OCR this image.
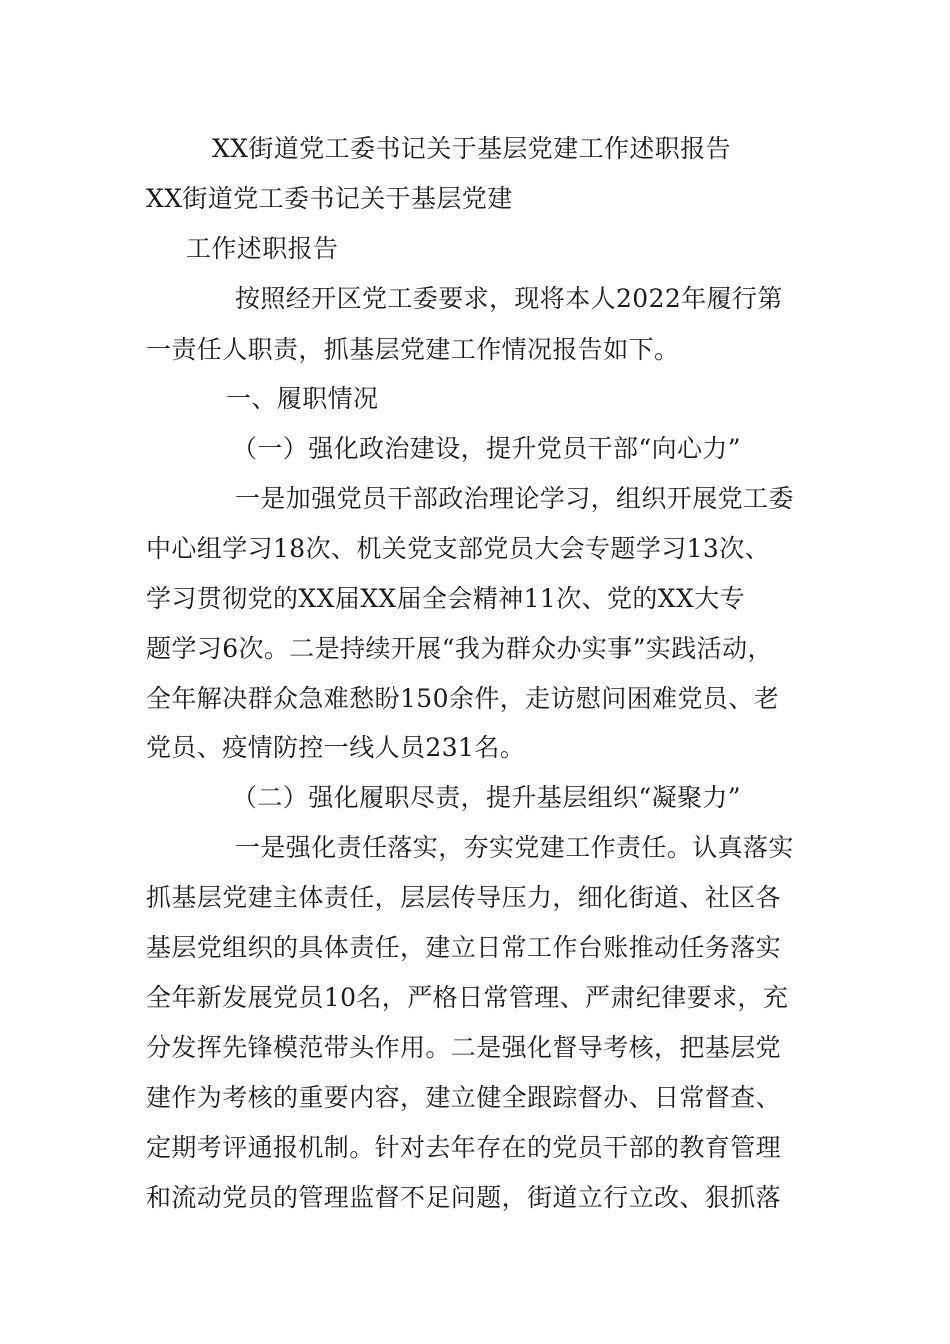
XX街道党工委书记关于基层党建工作述职报告
XX街道党工委书记关于基层党建
工作述职报告
按照经开区党工委要求，现将本人2022年履行第
一责任人职责，抓基层党建工作情况报告如下。
一、履职情况
（一）强化政治建设，提升党员干部“向心力”
一是加强党员干部政治理论学习，组织开展党工委
中心组学习18次、机关党支部党员大会专题学习13次、
学习贯彻党的XX届XX届全会精神11次、党的XX大专
题学习6次。二是持续开展“我为群众办实事”实践活动，
全年解决群众急难愁盼150余件，走访慰问困难党员、老
党员、疫情防控一线人员231名。
（二）强化履职尽责，提升基层组织“凝聚力”
一是强化责任落实，夯实党建工作责任。认真落实
抓基层党建主体责任，层层传导压力，细化街道、社区各
基层党组织的具体责任，建立日常工作台账推动任务落实
全年新发展党员10名，严格日常管理、严肃纪律要求，充
分发挥先锋模范带头作用。二是强化督导考核，把基层党
建作为考核的重要内容，建立健全跟踪督办、日常督查、
定期考评通报机制。针对去年存在的党员干部的教育管理
和流动党员的管理监督不足问题，街道立行立改、狠抓落
